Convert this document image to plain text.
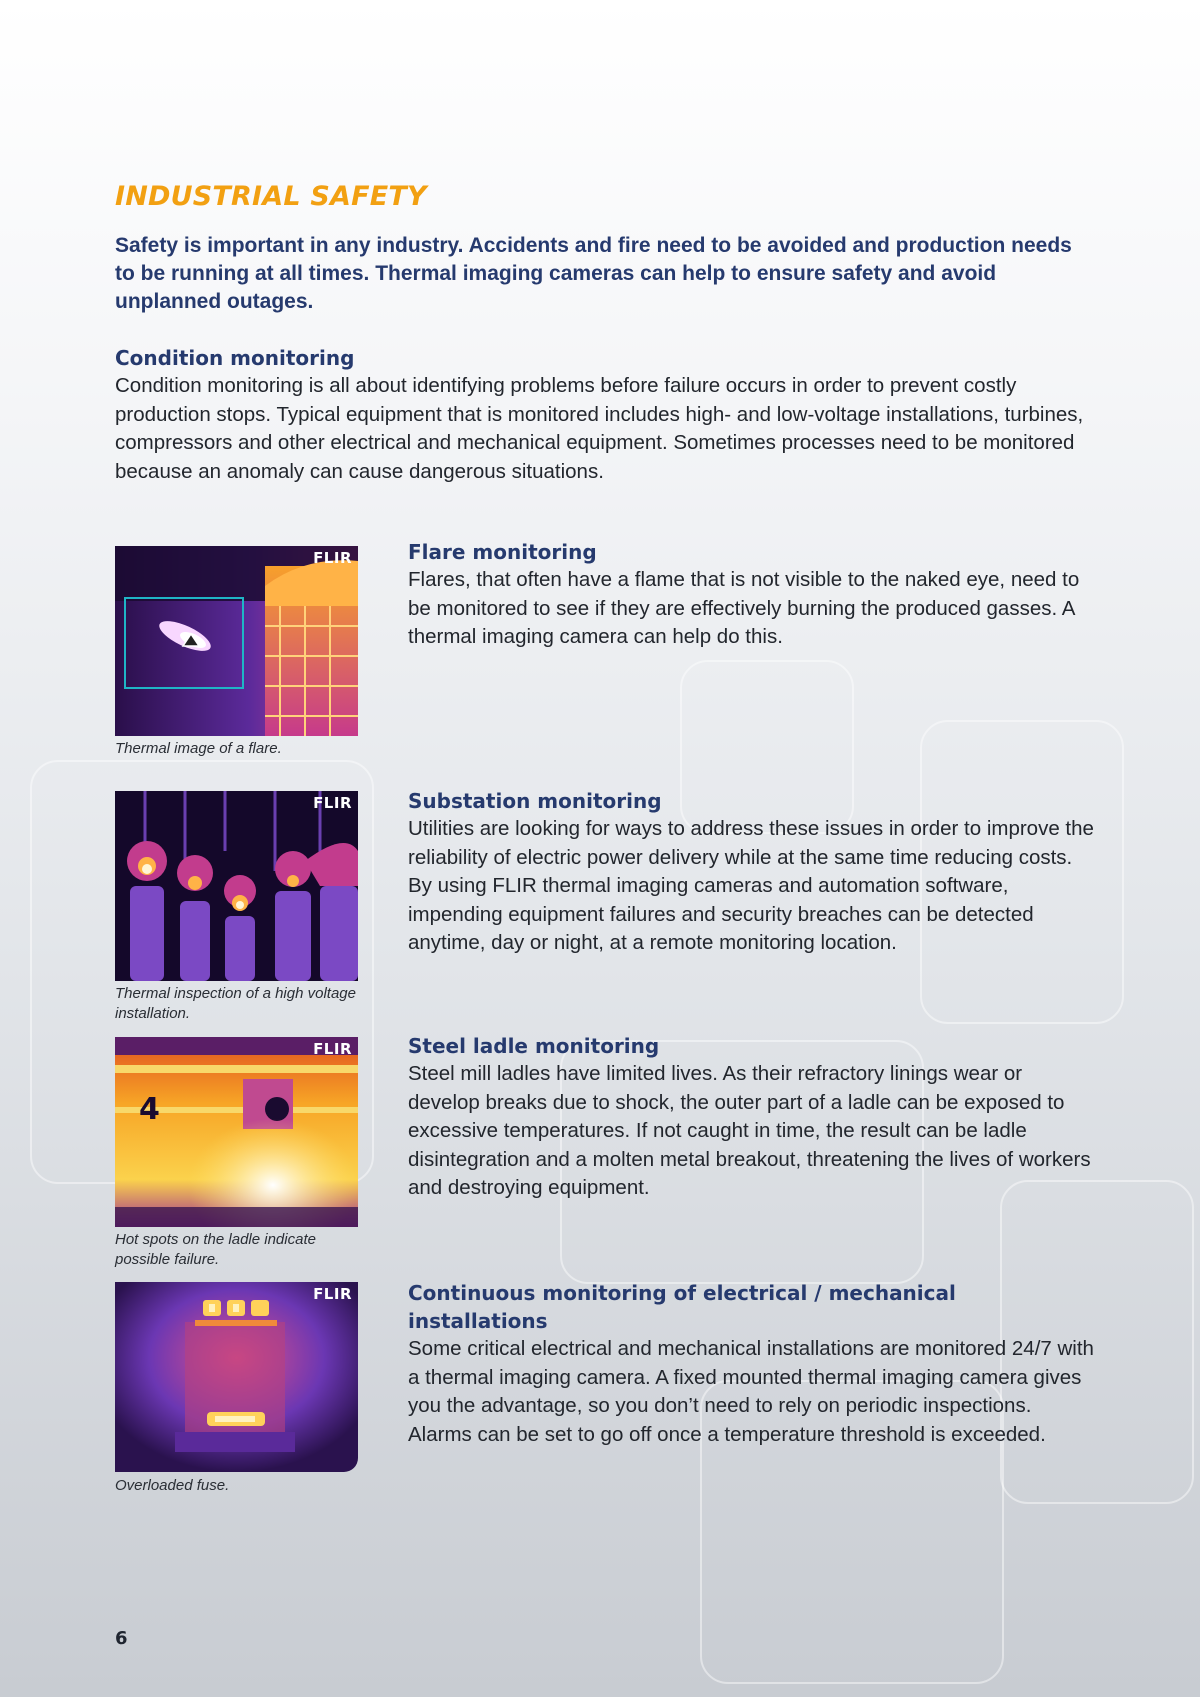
INDUSTRIAL SAFETY

Safety is important in any industry. Accidents and fire need to be avoided and production needs to be running at all times. Thermal imaging cameras can help to ensure safety and avoid unplanned outages.

Condition monitoring

Condition monitoring is all about identifying problems before failure occurs in order to prevent costly production stops. Typical equipment that is monitored includes high- and low-voltage installations, turbines, compressors and other electrical and mechanical equipment. Sometimes processes need to be monitored because an anomaly can cause dangerous situations.

FLIR

Thermal image of a flare.

Flare monitoring

Flares, that often have a flame that is not visible to the naked eye, need to be monitored to see if they are effectively burning the produced gasses. A thermal imaging camera can help do this.

FLIR

Thermal inspection of a high voltage installation.

Substation monitoring

Utilities are looking for ways to address these issues in order to improve the reliability of electric power delivery while at the same time reducing costs. By using FLIR thermal imaging cameras and automation software, impending equipment failures and security breaches can be detected anytime, day or night, at a remote monitoring location.

4
FLIR

Hot spots on the ladle indicate possible failure.

Steel ladle monitoring

Steel mill ladles have limited lives. As their refractory linings wear or develop breaks due to shock, the outer part of a ladle can be exposed to excessive temperatures. If not caught in time, the result can be ladle disintegration and a molten metal breakout, threatening the lives of workers and destroying equipment.

FLIR

Overloaded fuse.

Continuous monitoring of electrical / mechanical installations

Some critical electrical and mechanical installations are monitored 24/7 with a thermal imaging camera. A fixed mounted thermal imaging camera gives you the advantage, so you don’t need to rely on periodic inspections. Alarms can be set to go off once a temperature threshold is exceeded.

6
